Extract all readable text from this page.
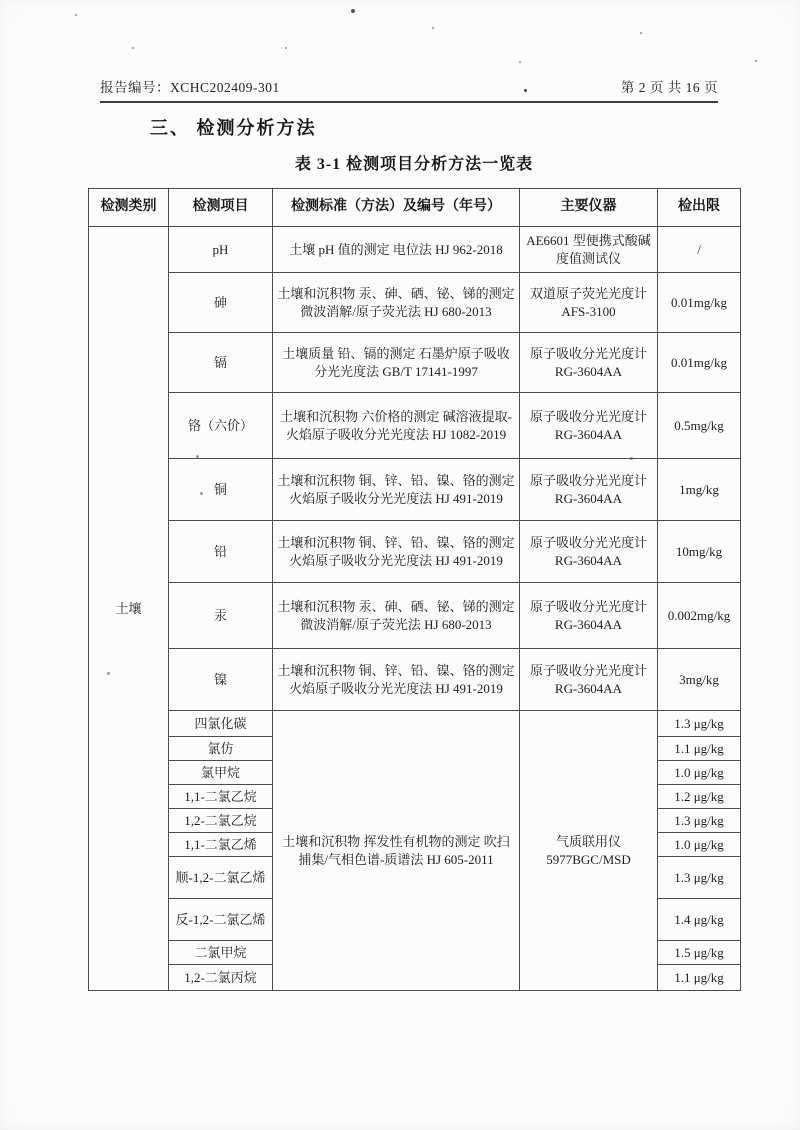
报告编号：XCHC202409-301	第 2 页 共 16 页
三、 检测分析方法
表 3-1 检测项目分析方法一览表
检测类别	检测项目	检测标准（方法）及编号（年号）	主要仪器	检出限
土壤	pH	土壤 pH 值的测定 电位法 HJ 962-2018	AE6601 型便携式酸碱度值测试仪	/
	砷	土壤和沉积物 汞、砷、硒、铋、锑的测定 微波消解/原子荧光法 HJ 680-2013	双道原子荧光光度计 AFS-3100	0.01mg/kg
	镉	土壤质量 铅、镉的测定 石墨炉原子吸收分光光度法 GB/T 17141-1997	原子吸收分光光度计 RG-3604AA	0.01mg/kg
	铬（六价）	土壤和沉积物 六价格的测定 碱溶液提取-火焰原子吸收分光光度法 HJ 1082-2019	原子吸收分光光度计 RG-3604AA	0.5mg/kg
	铜	土壤和沉积物 铜、锌、铅、镍、铬的测定 火焰原子吸收分光光度法 HJ 491-2019	原子吸收分光光度计 RG-3604AA	1mg/kg
	铅	土壤和沉积物 铜、锌、铅、镍、铬的测定 火焰原子吸收分光光度法 HJ 491-2019	原子吸收分光光度计 RG-3604AA	10mg/kg
	汞	土壤和沉积物 汞、砷、硒、铋、锑的测定 微波消解/原子荧光法 HJ 680-2013	原子吸收分光光度计 RG-3604AA	0.002mg/kg
	镍	土壤和沉积物 铜、锌、铅、镍、铬的测定 火焰原子吸收分光光度法 HJ 491-2019	原子吸收分光光度计 RG-3604AA	3mg/kg
	四氯化碳	土壤和沉积物 挥发性有机物的测定 吹扫捕集/气相色谱-质谱法 HJ 605-2011	气质联用仪 5977BGC/MSD	1.3 μg/kg
	氯仿			1.1 μg/kg
	氯甲烷			1.0 μg/kg
	1,1-二氯乙烷			1.2 μg/kg
	1,2-二氯乙烷			1.3 μg/kg
	1,1-二氯乙烯			1.0 μg/kg
	顺-1,2-二氯乙烯			1.3 μg/kg
	反-1,2-二氯乙烯			1.4 μg/kg
	二氯甲烷			1.5 μg/kg
	1,2-二氯丙烷			1.1 μg/kg
